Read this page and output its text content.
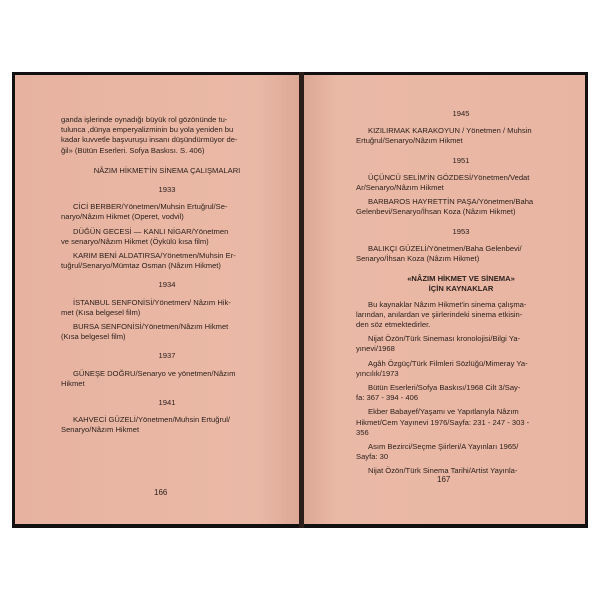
ganda işlerinde oynadığı büyük rol gözönünde tu-

tulunca ,dünya emperyalizminin bu yola yeniden bu

kadar kuvvetle başvuruşu insanı düşündürmüyor de-

ğil» (Bütün Eserleri. Sofya Baskısı. S. 406)

NÂZIM HİKMET'İN SİNEMA ÇALIŞMALARI

1933

CİCİ BERBER/Yönetmen/Muhsin Ertuğrul/Se-

naryo/Nâzım Hikmet (Operet, vodvil)

DÜĞÜN GECESİ — KANLI NİGAR/Yönetmen

ve senaryo/Nâzım Hikmet (Öykülü kısa film)

KARIM BENİ ALDATIRSA/Yönetmen/Muhsin Er-

tuğrul/Senaryo/Mümtaz Osman (Nâzım Hikmet)

1934

İSTANBUL SENFONİSİ/Yönetmen/ Nâzım Hik-

met (Kısa belgesel film)

BURSA SENFONİSİ/Yönetmen/Nâzım Hikmet

(Kısa belgesel film)

1937

GÜNEŞE DOĞRU/Senaryo ve yönetmen/Nâzım

Hikmet

1941

KAHVECİ GÜZELİ/Yönetmen/Muhsin Ertuğrul/

Senaryo/Nâzım Hikmet

166

1945

KIZILIRMAK KARAKOYUN / Yönetmen / Muhsin

Ertuğrul/Senaryo/Nâzım Hikmet

1951

ÜÇÜNCÜ SELİM'İN GÖZDESİ/Yönetmen/Vedat

Ar/Senaryo/Nâzım Hikmet

BARBAROS HAYRETTİN PAŞA/Yönetmen/Baha

Gelenbevi/Senaryo/İhsan Koza (Nâzım Hikmet)

1953

BALIKÇI GÜZELİ/Yönetmen/Baha Gelenbevi/

Senaryo/İhsan Koza (Nâzım Hikmet)

«NÂZIM HİKMET VE SİNEMA»

İÇİN KAYNAKLAR

Bu kaynaklar Nâzım Hikmet'in sinema çalışma-

larından, anılardan ve şiirlerindeki sinema etkisin-

den söz etmektedirler.

Nijat Özön/Türk Sineması kronolojisi/Bilgi Ya-

yınevi/1968

Agâh Özgüç/Türk Filmleri Sözlüğü/Mimeray Ya-

yıncılık/1973

Bütün Eserleri/Sofya Baskısı/1968 Cilt 3/Say-

fa: 367 - 394 - 406

Ekber Babayef/Yaşamı ve Yapıtlarıyla Nâzım

Hikmet/Cem Yayınevi 1976/Sayfa: 231 - 247 - 303 -

356

Asım Bezirci/Seçme Şiirleri/A Yayınları 1965/

Sayfa: 30

Nijat Özön/Türk Sinema Tarihi/Artist Yayınla-

167
